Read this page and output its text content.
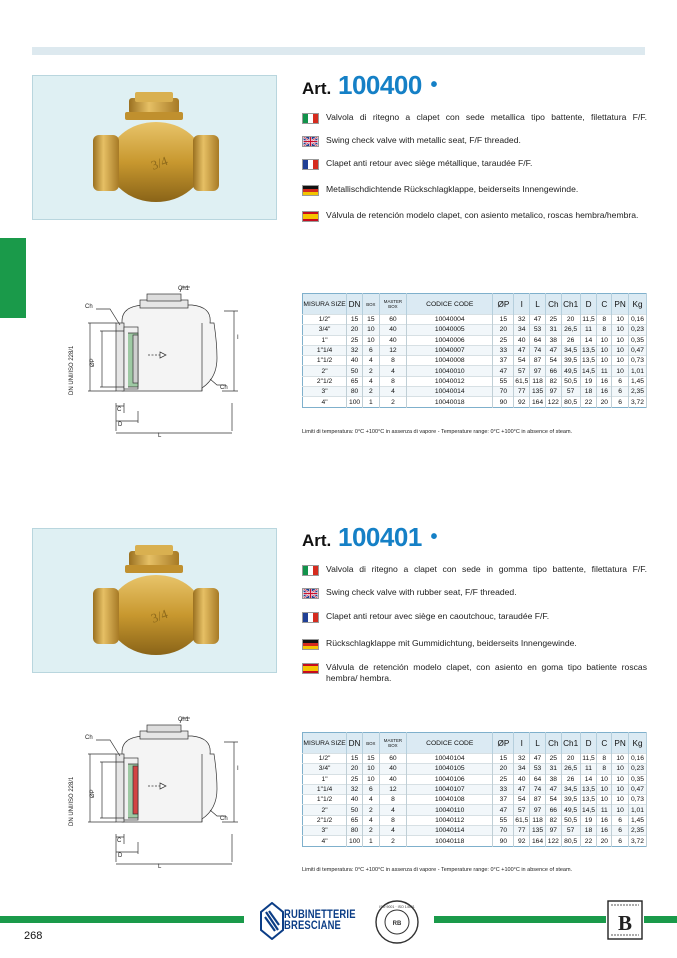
3/4
Art. 100400 •
Valvola di ritegno a clapet con sede metallica tipo battente, filettatura F/F.
Swing check valve with metallic seat, F/F threaded.
Clapet anti retour avec siège métallique, taraudée F/F.
Metallischdichtende Rückschlagklappe, beiderseits Innengewinde.
Válvula de retención modelo clapet, con asiento metalico, roscas hembra/hembra.
Ch1
Ch
Ch
DN UNI/ISO 228/1	ØP
I
C
D
L
MISURA SIZE	DN	BOX	MASTER BOX	CODICE CODE	ØP	I	L	Ch	Ch1	D	C	PN	Kg
1/2"	15	15	60	10040004	15	32	47	25	20	11,5	8	10	0,16
3/4"	20	10	40	10040005	20	34	53	31	26,5	11	8	10	0,23
1"	25	10	40	10040006	25	40	64	38	26	14	10	10	0,35
1"1/4	32	6	12	10040007	33	47	74	47	34,5	13,5	10	10	0,47
1"1/2	40	4	8	10040008	37	54	87	54	39,5	13,5	10	10	0,73
2"	50	2	4	10040010	47	57	97	66	49,5	14,5	11	10	1,01
2"1/2	65	4	8	10040012	55	61,5	118	82	50,5	19	16	6	1,45
3"	80	2	4	10040014	70	77	135	97	57	18	16	6	2,35
4"	100	1	2	10040018	90	92	164	122	80,5	22	20	6	3,72
Limiti di temperatura: 0°C +100°C in assenza di vapore - Temperature range: 0°C +100°C in absence of steam.
3/4
Art. 100401 •
Valvola di ritegno a clapet con sede in gomma tipo battente, filettatura F/F.
Swing check valve with rubber seat, F/F threaded.
Clapet anti retour avec siège en caoutchouc, taraudée F/F.
Rückschlagklappe mit Gummidichtung, beiderseits Innengewinde.
Válvula de retención modelo clapet, con asiento en goma tipo batiente roscas hembra/ hembra.
Ch1
Ch
Ch
DN UNI/ISO 228/1	ØP
I
C
D
L
MISURA SIZE	DN	BOX	MASTER BOX	CODICE CODE	ØP	I	L	Ch	Ch1	D	C	PN	Kg
1/2"	15	15	60	10040104	15	32	47	25	20	11,5	8	10	0,16
3/4"	20	10	40	10040105	20	34	53	31	26,5	11	8	10	0,23
1"	25	10	40	10040106	25	40	64	38	26	14	10	10	0,35
1"1/4	32	6	12	10040107	33	47	74	47	34,5	13,5	10	10	0,47
1"1/2	40	4	8	10040108	37	54	87	54	39,5	13,5	10	10	0,73
2"	50	2	4	10040110	47	57	97	66	49,5	14,5	11	10	1,01
2"1/2	65	4	8	10040112	55	61,5	118	82	50,5	19	16	6	1,45
3"	80	2	4	10040114	70	77	135	97	57	18	16	6	2,35
4"	100	1	2	10040118	90	92	164	122	80,5	22	20	6	3,72
Limiti di temperatura: 0°C +100°C in assenza di vapore - Temperature range: 0°C +100°C in absence of steam.
268
RUBINETTERIE
BRESCIANE	RB
ISO 9001 · ISO 14001
B
